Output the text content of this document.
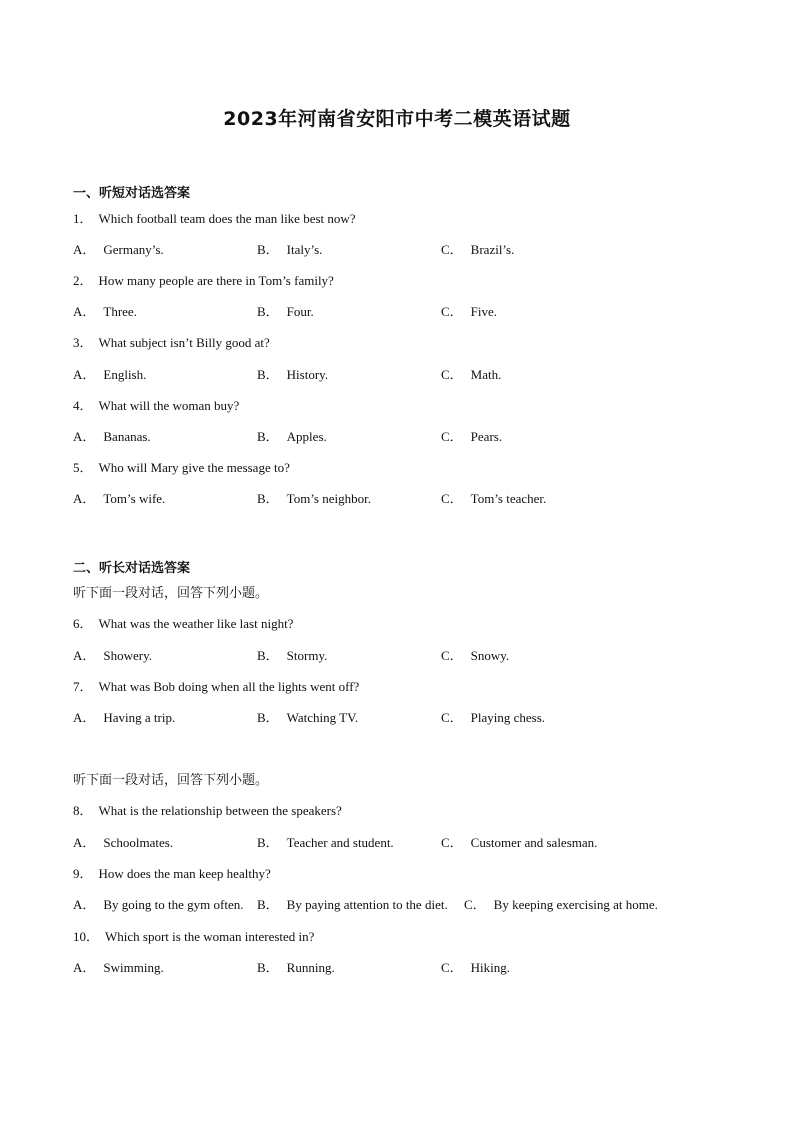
2023年河南省安阳市中考二模英语试题
一、听短对话选答案
1． Which football team does the man like best now?
A． Germany’s.	B． Italy’s.	C． Brazil’s.
2． How many people are there in Tom’s family?
A． Three.	B． Four.	C． Five.
3． What subject isn’t Billy good at?
A． English.	B． History.	C． Math.
4． What will the woman buy?
A． Bananas.	B． Apples.	C． Pears.
5． Who will Mary give the message to?
A． Tom’s wife.	B． Tom’s neighbor.	C． Tom’s teacher.
二、听长对话选答案
听下面一段对话，回答下列小题。
6． What was the weather like last night?
A． Showery.	B． Stormy.	C． Snowy.
7． What was Bob doing when all the lights went off?
A． Having a trip.	B． Watching TV.	C． Playing chess.
听下面一段对话，回答下列小题。
8． What is the relationship between the speakers?
A． Schoolmates.	B． Teacher and student.	C． Customer and salesman.
9． How does the man keep healthy?
A． By going to the gym often. B． By paying attention to the diet. C． By keeping exercising at home.
10． Which sport is the woman interested in?
A． Swimming.	B． Running.	C． Hiking.
